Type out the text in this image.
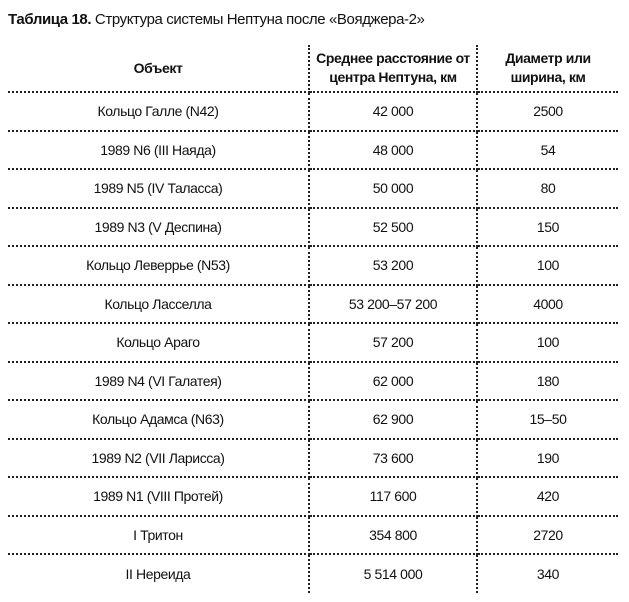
Таблица 18. Структура системы Нептуна после «Вояджера-2»
Объект	Среднее расстояние от центра Нептуна, км	Диаметр или ширина, км
Кольцо Галле (N42)	42 000	2500
1989 N6 (III Наяда)	48 000	54
1989 N5 (IV Таласса)	50 000	80
1989 N3 (V Деспина)	52 500	150
Кольцо Леверрье (N53)	53 200	100
Кольцо Ласселла	53 200–57 200	4000
Кольцо Араго	57 200	100
1989 N4 (VI Галатея)	62 000	180
Кольцо Адамса (N63)	62 900	15–50
1989 N2 (VII Ларисса)	73 600	190
1989 N1 (VIII Протей)	117 600	420
I Тритон	354 800	2720
II Нереида	5 514 000	340
